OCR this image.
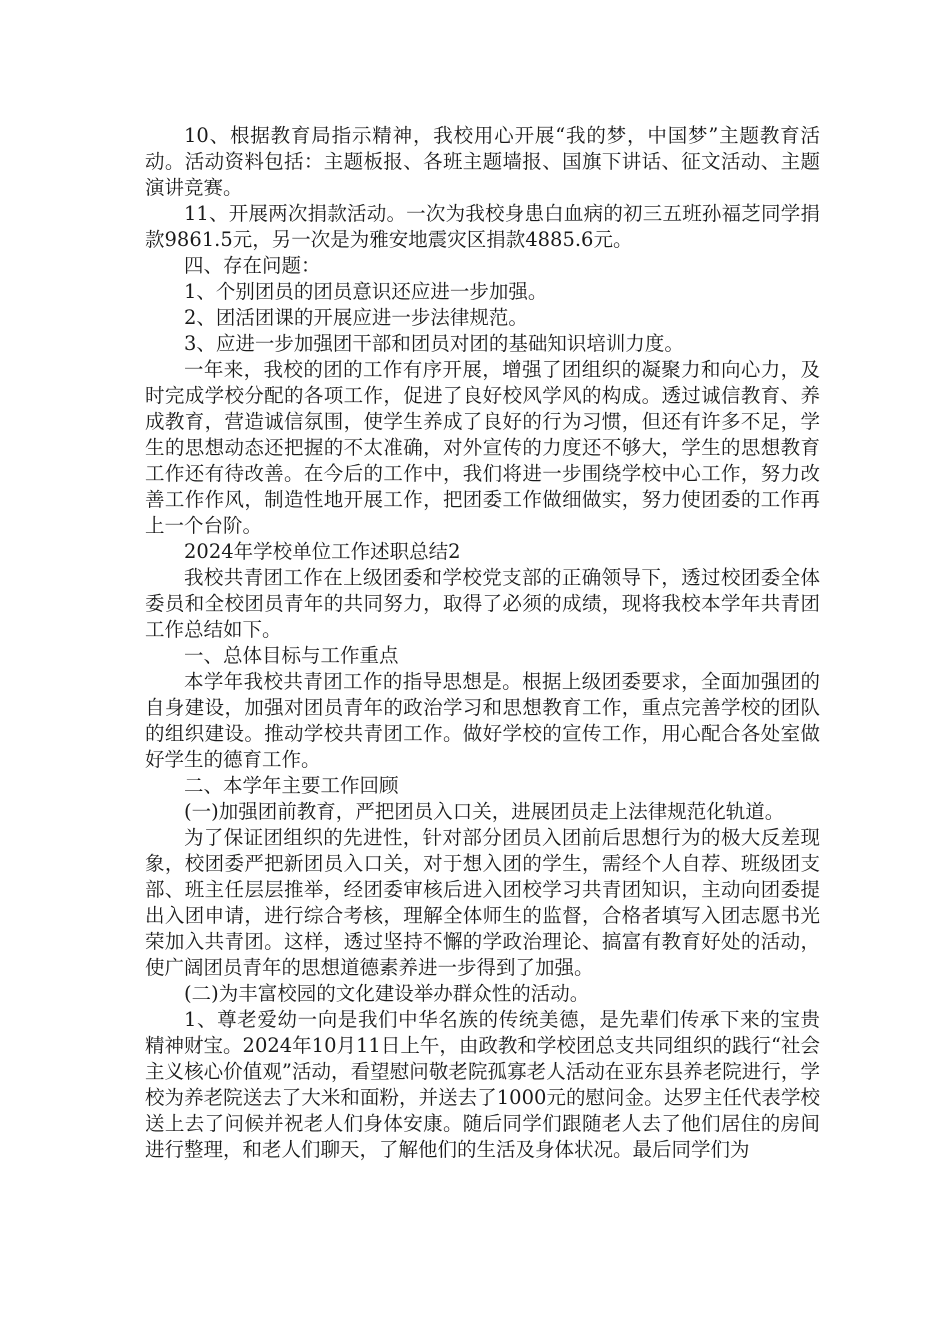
10、根据教育局指示精神，我校用心开展“我的梦，中国梦”主题教育活动。活动资料包括：主题板报、各班主题墙报、国旗下讲话、征文活动、主题演讲竞赛。

11、开展两次捐款活动。一次为我校身患白血病的初三五班孙福芝同学捐款9861.5元，另一次是为雅安地震灾区捐款4885.6元。

四、存在问题：

1、个别团员的团员意识还应进一步加强。

2、团活团课的开展应进一步法律规范。

3、应进一步加强团干部和团员对团的基础知识培训力度。

一年来，我校的团的工作有序开展，增强了团组织的凝聚力和向心力，及时完成学校分配的各项工作，促进了良好校风学风的构成。透过诚信教育、养成教育，营造诚信氛围，使学生养成了良好的行为习惯，但还有许多不足，学生的思想动态还把握的不太准确，对外宣传的力度还不够大，学生的思想教育工作还有待改善。在今后的工作中，我们将进一步围绕学校中心工作，努力改善工作作风，制造性地开展工作，把团委工作做细做实，努力使团委的工作再上一个台阶。

2024年学校单位工作述职总结2

我校共青团工作在上级团委和学校党支部的正确领导下，透过校团委全体委员和全校团员青年的共同努力，取得了必须的成绩，现将我校本学年共青团工作总结如下。

一、总体目标与工作重点

本学年我校共青团工作的指导思想是。根据上级团委要求，全面加强团的自身建设，加强对团员青年的政治学习和思想教育工作，重点完善学校的团队的组织建设。推动学校共青团工作。做好学校的宣传工作，用心配合各处室做好学生的德育工作。

二、本学年主要工作回顾

(一)加强团前教育，严把团员入口关，进展团员走上法律规范化轨道。

为了保证团组织的先进性，针对部分团员入团前后思想行为的极大反差现象，校团委严把新团员入口关，对于想入团的学生，需经个人自荐、班级团支部、班主任层层推举，经团委审核后进入团校学习共青团知识，主动向团委提出入团申请，进行综合考核，理解全体师生的监督，合格者填写入团志愿书光荣加入共青团。这样，透过坚持不懈的学政治理论、搞富有教育好处的活动，使广阔团员青年的思想道德素养进一步得到了加强。

(二)为丰富校园的文化建设举办群众性的活动。

1、尊老爱幼一向是我们中华名族的传统美德，是先辈们传承下来的宝贵精神财宝。2024年10月11日上午，由政教和学校团总支共同组织的践行“社会主义核心价值观”活动，看望慰问敬老院孤寡老人活动在亚东县养老院进行，学校为养老院送去了大米和面粉，并送去了1000元的慰问金。达罗主任代表学校送上去了问候并祝老人们身体安康。随后同学们跟随老人去了他们居住的房间进行整理，和老人们聊天，了解他们的生活及身体状况。最后同学们为
